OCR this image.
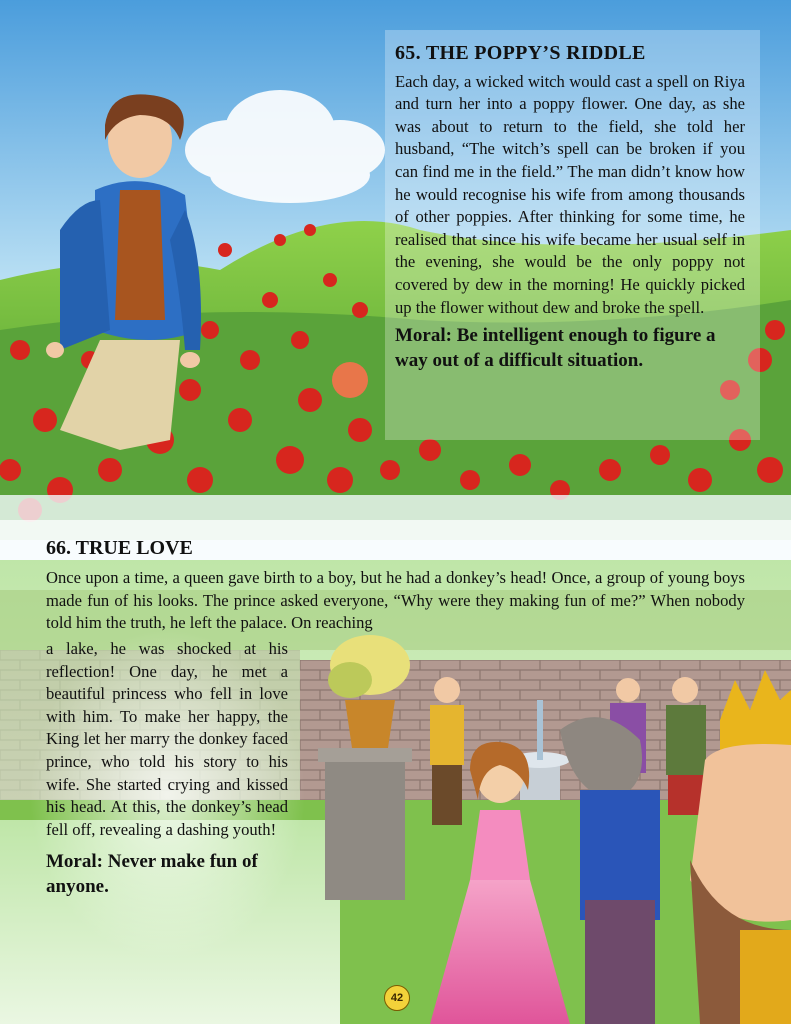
65. THE POPPY’S RIDDLE
Each day, a wicked witch would cast a spell on Riya and turn her into a poppy flower. One day, as she was about to return to the field, she told her husband, “The witch’s spell can be broken if you can find me in the field.” The man didn’t know how he would recognise his wife from among thousands of other poppies. After thinking for some time, he realised that since his wife became her usual self in the evening, she would be the only poppy not covered by dew in the morning! He quickly picked up the flower without dew and broke the spell.
Moral: Be intelligent enough to figure a way out of a difficult situation.
66. TRUE LOVE
Once upon a time, a queen gave birth to a boy, but he had a donkey’s head! Once, a group of young boys made fun of his looks. The prince asked everyone, “Why were they making fun of me?” When nobody told him the truth, he left the palace. On reaching
a lake, he was shocked at his reflection! One day, he met a beautiful princess who fell in love with him. To make her happy, the King let her marry the donkey faced prince, who told his story to his wife. She started crying and kissed his head. At this, the donkey’s head fell off, revealing a dashing youth!
Moral: Never make fun of anyone.
42
